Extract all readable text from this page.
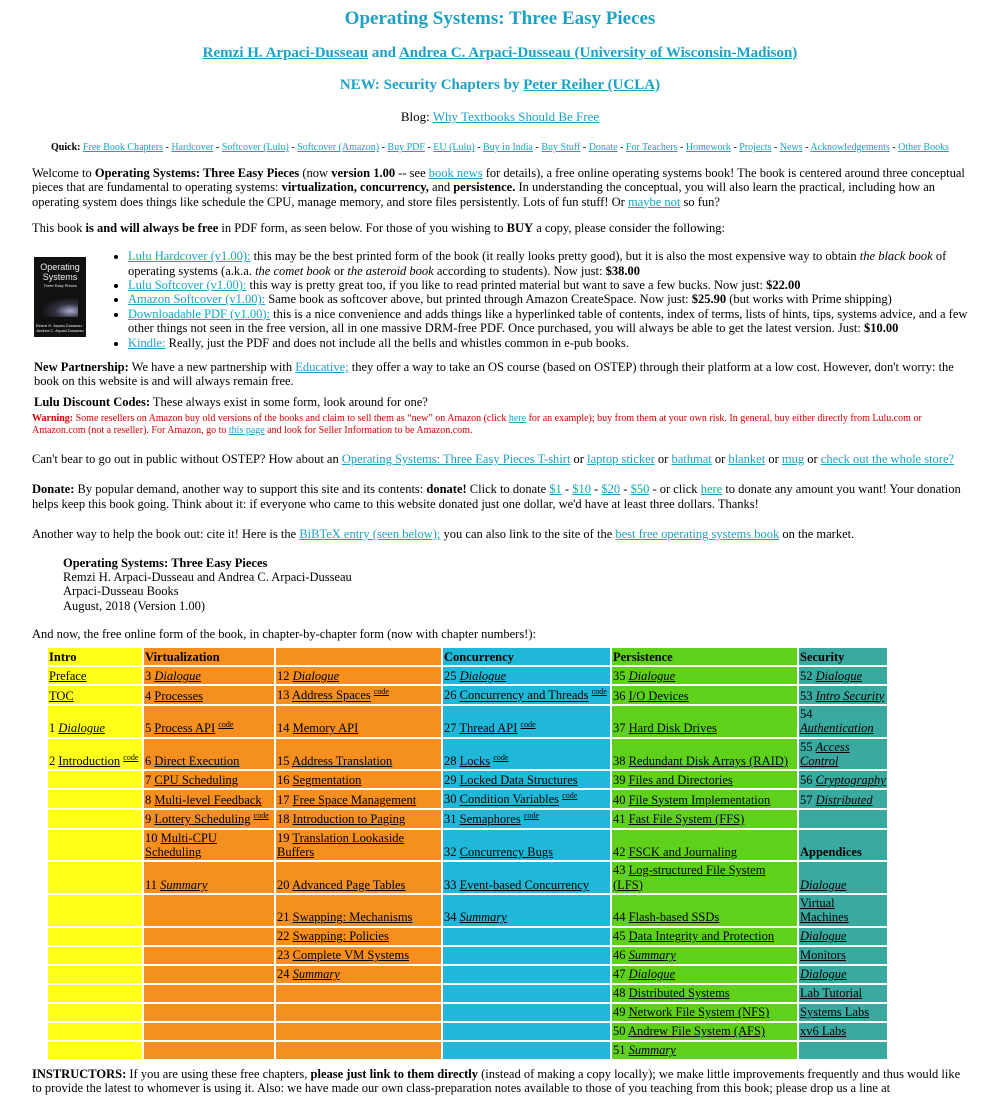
Operating Systems: Three Easy Pieces
Remzi H. Arpaci-Dusseau and Andrea C. Arpaci-Dusseau (University of Wisconsin-Madison)
NEW: Security Chapters by Peter Reiher (UCLA)
Blog: Why Textbooks Should Be Free
Quick: Free Book Chapters - Hardcover - Softcover (Lulu) - Softcover (Amazon) - Buy PDF - EU (Lulu) - Buy in India - Buy Stuff - Donate - For Teachers - Homework - Projects - News - Acknowledgements - Other Books

Welcome to Operating Systems: Three Easy Pieces (now version 1.00 -- see book news for details), a free online operating systems book! The book is centered around three conceptual pieces that are fundamental to operating systems: virtualization, concurrency, and persistence. In understanding the conceptual, you will also learn the practical, including how an operating system does things like schedule the CPU, manage memory, and store files persistently. Lots of fun stuff! Or maybe not so fun?

This book is and will always be free in PDF form, as seen below. For those of you wishing to BUY a copy, please consider the following:

Operating Systems
Three Easy Pieces
Remzi H. Arpaci-Dusseau · Andrea C. Arpaci-Dusseau
• Lulu Hardcover (v1.00): this may be the best printed form of the book (it really looks pretty good), but it is also the most expensive way to obtain the black book of operating systems (a.k.a. the comet book or the asteroid book according to students). Now just: $38.00
• Lulu Softcover (v1.00): this way is pretty great too, if you like to read printed material but want to save a few bucks. Now just: $22.00
• Amazon Softcover (v1.00): Same book as softcover above, but printed through Amazon CreateSpace. Now just: $25.90 (but works with Prime shipping)
• Downloadable PDF (v1.00): this is a nice convenience and adds things like a hyperlinked table of contents, index of terms, lists of hints, tips, systems advice, and a few other things not seen in the free version, all in one massive DRM-free PDF. Once purchased, you will always be able to get the latest version. Just: $10.00
• Kindle: Really, just the PDF and does not include all the bells and whistles common in e-pub books.

New Partnership: We have a new partnership with Educative; they offer a way to take an OS course (based on OSTEP) through their platform at a low cost. However, don't worry: the book on this website is and will always remain free.

Lulu Discount Codes: These always exist in some form, look around for one?

Warning: Some resellers on Amazon buy old versions of the books and claim to sell them as “new” on Amazon (click here for an example); buy from them at your own risk. In general, buy either directly from Lulu.com or Amazon.com (not a reseller). For Amazon, go to this page and look for Seller Information to be Amazon.com.

Can't bear to go out in public without OSTEP? How about an Operating Systems: Three Easy Pieces T-shirt or laptop sticker or bathmat or blanket or mug or check out the whole store?

Donate: By popular demand, another way to support this site and its contents: donate! Click to donate $1 - $10 - $20 - $50 - or click here to donate any amount you want! Your donation helps keep this book going. Think about it: if everyone who came to this website donated just one dollar, we'd have at least three dollars. Thanks!

Another way to help the book out: cite it! Here is the BiBTeX entry (seen below); you can also link to the site of the best free operating systems book on the market.

Operating Systems: Three Easy Pieces
Remzi H. Arpaci-Dusseau and Andrea C. Arpaci-Dusseau
Arpaci-Dusseau Books
August, 2018 (Version 1.00)

And now, the free online form of the book, in chapter-by-chapter form (now with chapter numbers!):

Intro	Virtualization		Concurrency	Persistence	Security
Preface	3 Dialogue	12 Dialogue	25 Dialogue	35 Dialogue	52 Dialogue
TOC	4 Processes	13 Address Spaces $^{code}$	26 Concurrency and Threads $^{code}$	36 I/O Devices	53 Intro Security
1 Dialogue	5 Process API $^{code}$	14 Memory API	27 Thread API $^{code}$	37 Hard Disk Drives	54 Authentication
2 Introduction $^{code}$	6 Direct Execution	15 Address Translation	28 Locks $^{code}$	38 Redundant Disk Arrays (RAID)	55 Access Control
	7 CPU Scheduling	16 Segmentation	29 Locked Data Structures	39 Files and Directories	56 Cryptography
	8 Multi-level Feedback	17 Free Space Management	30 Condition Variables $^{code}$	40 File System Implementation	57 Distributed
	9 Lottery Scheduling $^{code}$	18 Introduction to Paging	31 Semaphores $^{code}$	41 Fast File System (FFS)	
	10 Multi-CPU Scheduling	19 Translation Lookaside Buffers	32 Concurrency Bugs	42 FSCK and Journaling	Appendices
	11 Summary	20 Advanced Page Tables	33 Event-based Concurrency	43 Log-structured File System (LFS)	Dialogue
		21 Swapping: Mechanisms	34 Summary	44 Flash-based SSDs	Virtual Machines
		22 Swapping: Policies		45 Data Integrity and Protection	Dialogue
		23 Complete VM Systems		46 Summary	Monitors
		24 Summary		47 Dialogue	Dialogue
				48 Distributed Systems	Lab Tutorial
				49 Network File System (NFS)	Systems Labs
				50 Andrew File System (AFS)	xv6 Labs
				51 Summary	

INSTRUCTORS: If you are using these free chapters, please just link to them directly (instead of making a copy locally); we make little improvements frequently and thus would like to provide the latest to whomever is using it. Also: we have made our own class-preparation notes available to those of you teaching from this book; please drop us a line at
